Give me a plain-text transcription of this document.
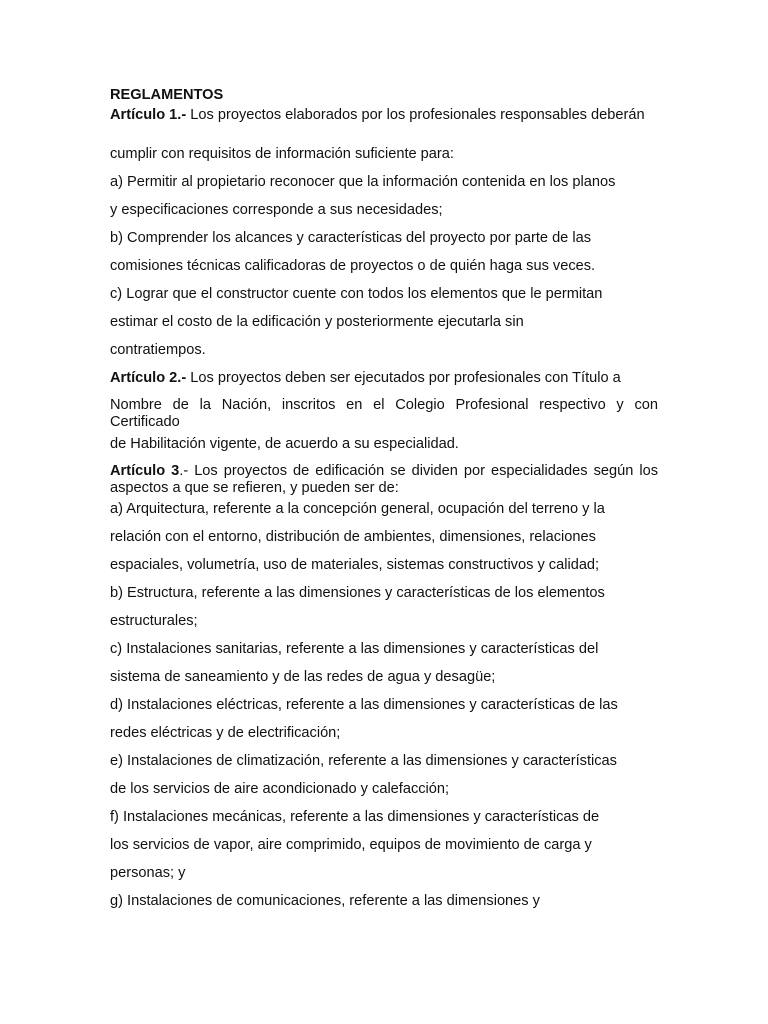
REGLAMENTOS

Artículo 1.- Los proyectos elaborados por los profesionales responsables deberán

cumplir con requisitos de información suficiente para:

a) Permitir al propietario reconocer que la información contenida en los planos

y especificaciones corresponde a sus necesidades;

b) Comprender los alcances y características del proyecto por parte de las

comisiones técnicas calificadoras de proyectos o de quién haga sus veces.

c) Lograr que el constructor cuente con todos los elementos que le permitan

estimar el costo de la edificación y posteriormente ejecutarla sin

contratiempos.

Artículo 2.- Los proyectos deben ser ejecutados por profesionales con Título a

Nombre de la Nación, inscritos en el Colegio Profesional respectivo y con Certificado

de Habilitación vigente, de acuerdo a su especialidad.

Artículo 3.- Los proyectos de edificación se dividen por especialidades según los aspectos a que se refieren, y pueden ser de:

a) Arquitectura, referente a la concepción general, ocupación del terreno y la

relación con el entorno, distribución de ambientes, dimensiones, relaciones

espaciales, volumetría, uso de materiales, sistemas constructivos y calidad;

b) Estructura, referente a las dimensiones y características de los elementos

estructurales;

c) Instalaciones sanitarias, referente a las dimensiones y características del

sistema de saneamiento y de las redes de agua y desagüe;

d) Instalaciones eléctricas, referente a las dimensiones y características de las

redes eléctricas y de electrificación;

e) Instalaciones de climatización, referente a las dimensiones y características

de los servicios de aire acondicionado y calefacción;

f) Instalaciones mecánicas, referente a las dimensiones y características de

los servicios de vapor, aire comprimido, equipos de movimiento de carga y

personas; y

g) Instalaciones de comunicaciones, referente a las dimensiones y
